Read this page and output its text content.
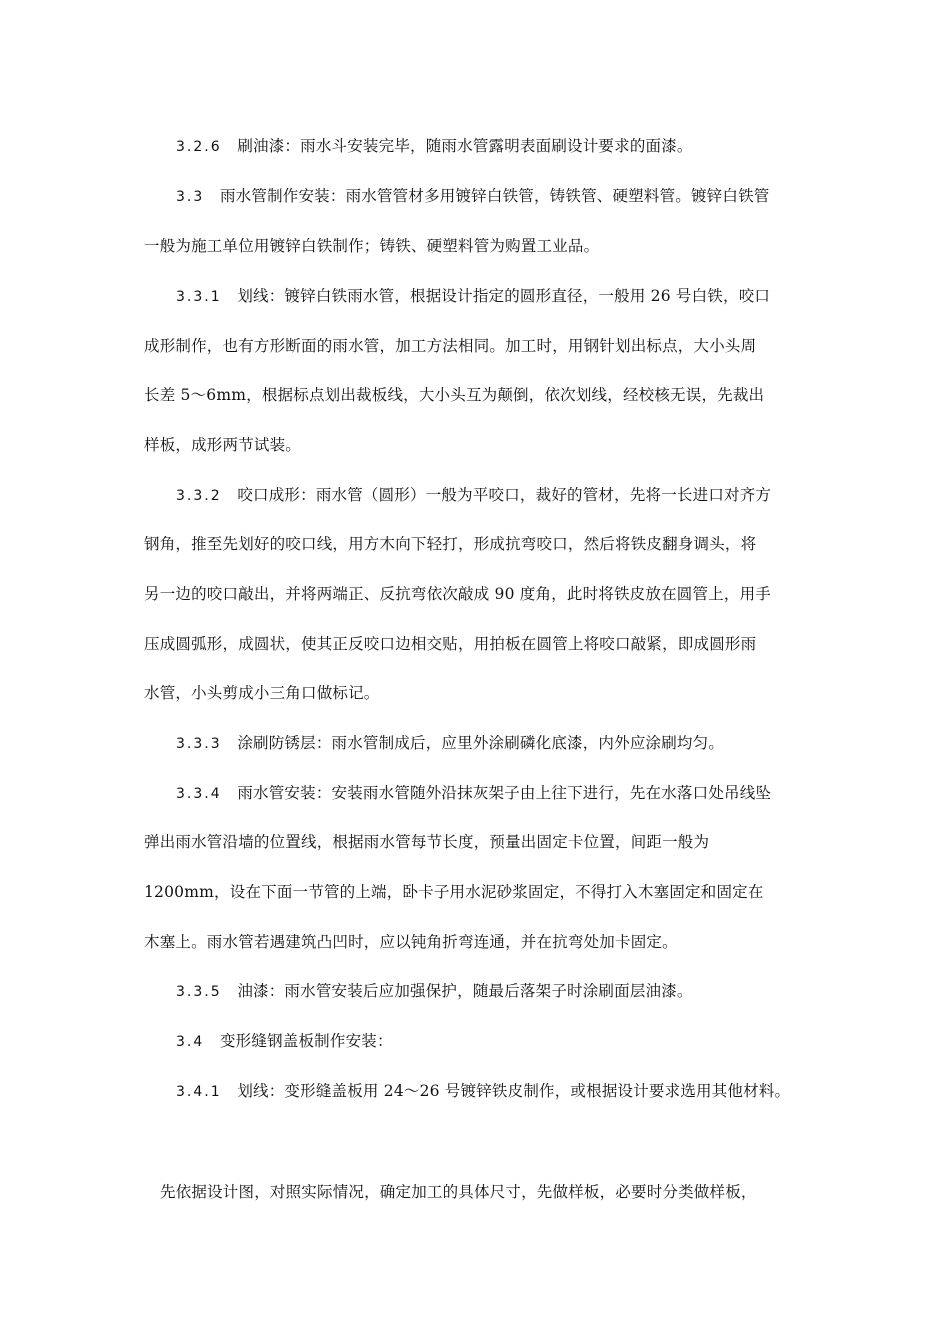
3.2.6　刷油漆：雨水斗安装完毕，随雨水管露明表面刷设计要求的面漆。
3.3　雨水管制作安装：雨水管管材多用镀锌白铁管，铸铁管、硬塑料管。镀锌白铁管
一般为施工单位用镀锌白铁制作；铸铁、硬塑料管为购置工业品。
3.3.1　划线：镀锌白铁雨水管，根据设计指定的圆形直径，一般用 26 号白铁，咬口
成形制作，也有方形断面的雨水管，加工方法相同。加工时，用钢针划出标点，大小头周
长差 5～6mm，根据标点划出裁板线，大小头互为颠倒，依次划线，经校核无误，先裁出
样板，成形两节试装。
3.3.2　咬口成形：雨水管（圆形）一般为平咬口，裁好的管材，先将一长进口对齐方
钢角，推至先划好的咬口线，用方木向下轻打，形成抗弯咬口，然后将铁皮翻身调头，将
另一边的咬口敲出，并将两端正、反抗弯依次敲成 90 度角，此时将铁皮放在圆管上，用手
压成圆弧形，成圆状，使其正反咬口边相交贴，用拍板在圆管上将咬口敲紧，即成圆形雨
水管，小头剪成小三角口做标记。
3.3.3　涂刷防锈层：雨水管制成后，应里外涂刷磷化底漆，内外应涂刷均匀。
3.3.4　雨水管安装：安装雨水管随外沿抹灰架子由上往下进行，先在水落口处吊线坠
弹出雨水管沿墙的位置线，根据雨水管每节长度，预量出固定卡位置，间距一般为
1200mm，设在下面一节管的上端，卧卡子用水泥砂浆固定，不得打入木塞固定和固定在
木塞上。雨水管若遇建筑凸凹时，应以钝角折弯连通，并在抗弯处加卡固定。
3.3.5　油漆：雨水管安装后应加强保护，随最后落架子时涂刷面层油漆。
3.4　变形缝钢盖板制作安装：
3.4.1　划线：变形缝盖板用 24～26 号镀锌铁皮制作，或根据设计要求选用其他材料。
先依据设计图，对照实际情况，确定加工的具体尺寸，先做样板，必要时分类做样板，
